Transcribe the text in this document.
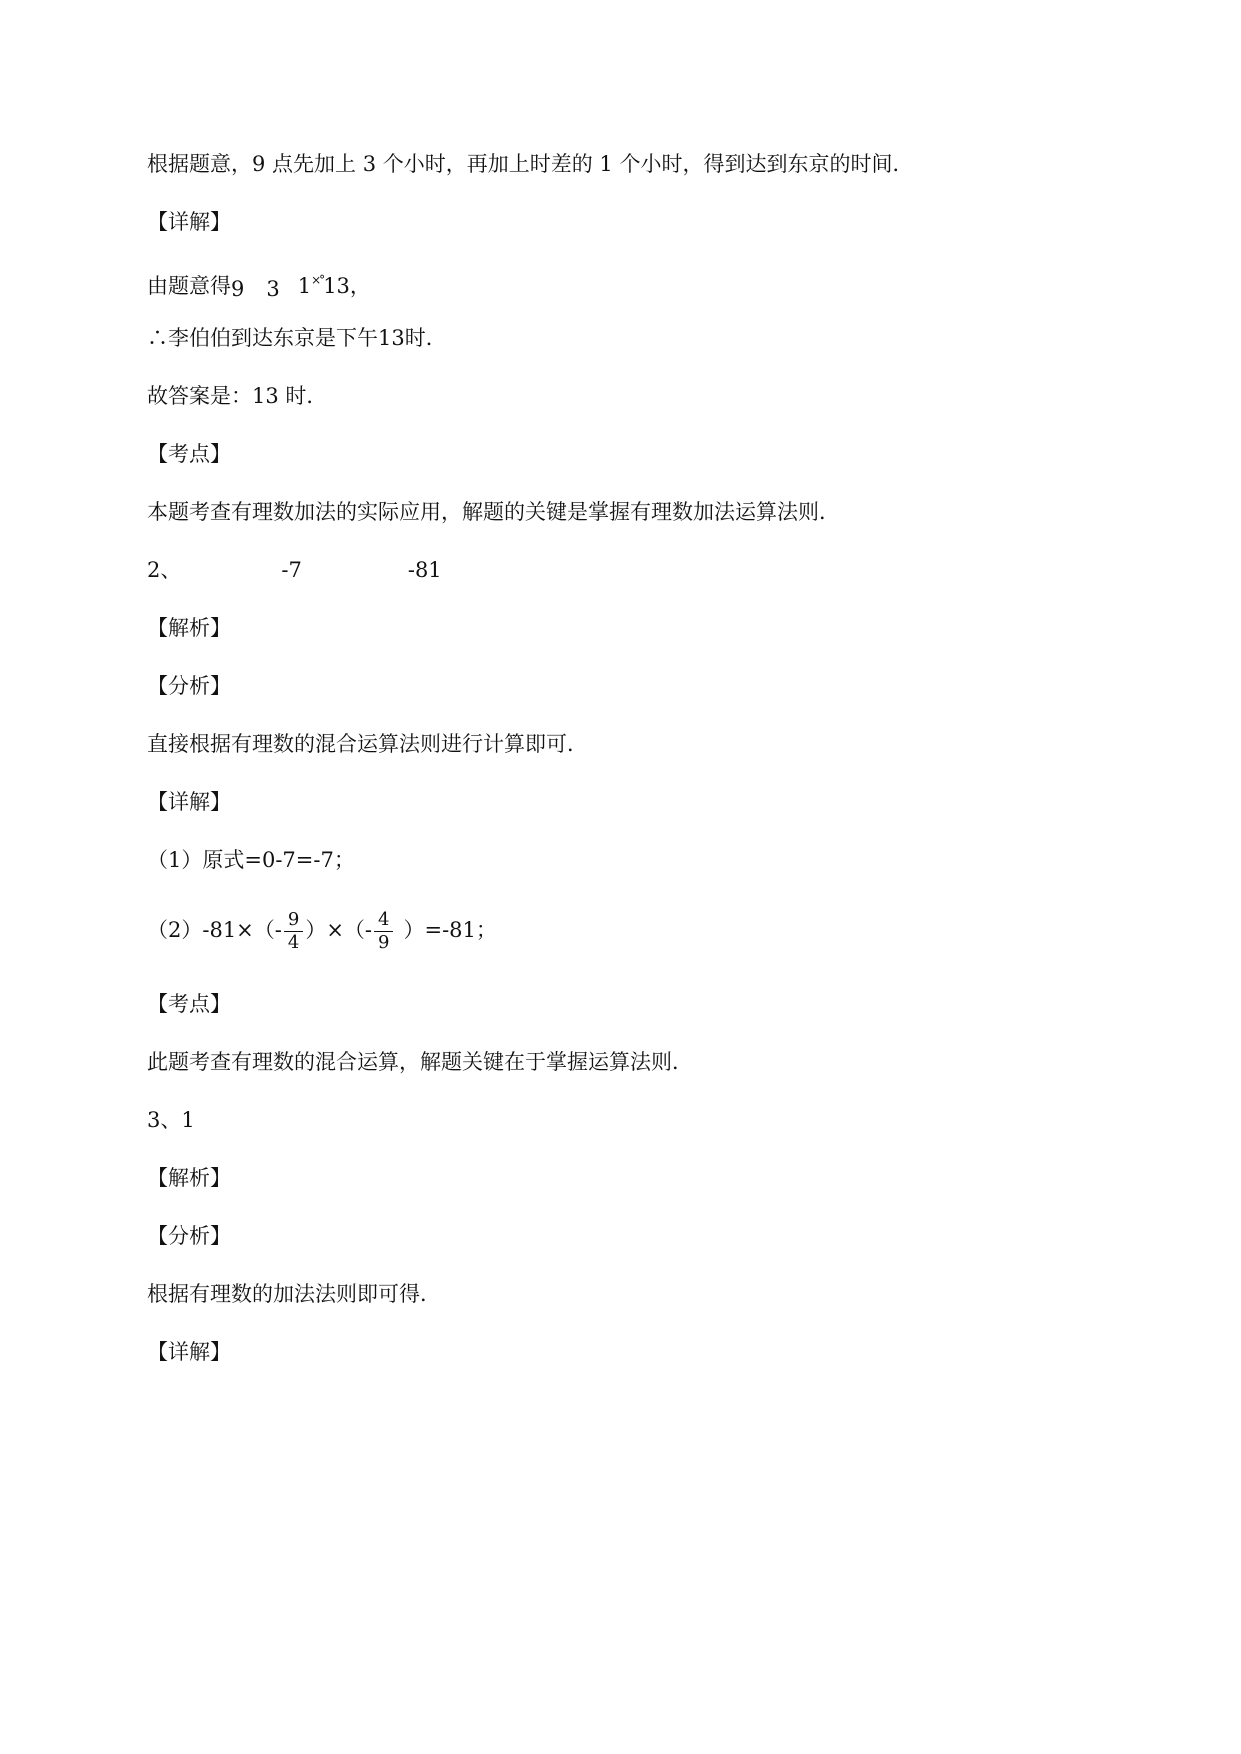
根据题意，9 点先加上 3 个小时，再加上时差的 1 个小时，得到达到东京的时间．
【详解】
由题意得9 3 1×°13，
∴李伯伯到达东京是下午13时．
故答案是：13 时．
【考点】
本题考查有理数加法的实际应用，解题的关键是掌握有理数加法运算法则．
2、	-7	-81
【解析】
【分析】
直接根据有理数的混合运算法则进行计算即可．
【详解】
（1）原式=0-7=-7；
$(2)-81\times(- \frac{9}{4}$ ）×（- $\frac{4}{9} )=-81$；
【考点】
此题考查有理数的混合运算，解题关键在于掌握运算法则．
3、1
【解析】
【分析】
根据有理数的加法法则即可得．
【详解】
